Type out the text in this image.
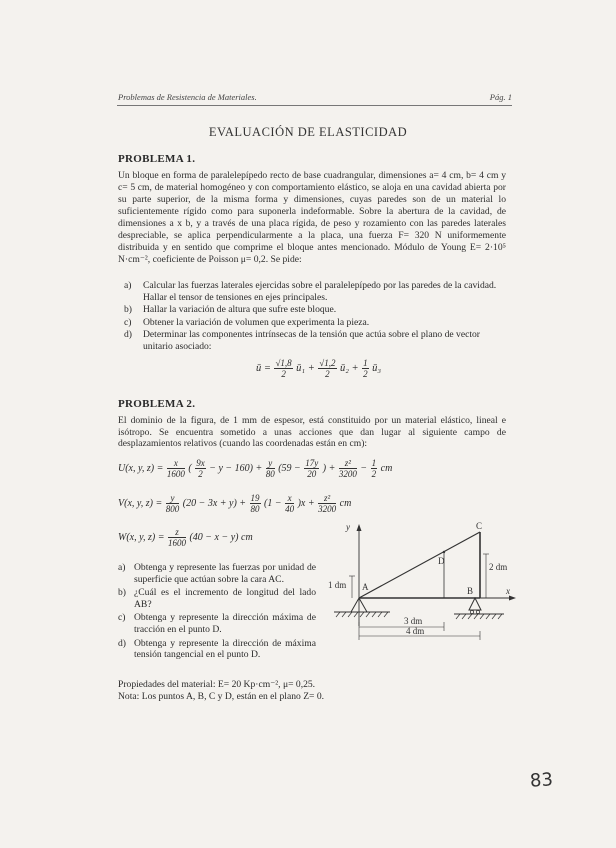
Problemas de Resistencia de Materiales.	Pág. 1
EVALUACIÓN DE ELASTICIDAD
PROBLEMA 1.
Un bloque en forma de paralelepípedo recto de base cuadrangular, dimensiones a= 4 cm, b= 4 cm y c= 5 cm, de material homogéneo y con comportamiento elástico, se aloja en una cavidad abierta por su parte superior, de la misma forma y dimensiones, cuyas paredes son de un material lo suficientemente rígido como para suponerla indeformable. Sobre la abertura de la cavidad, de dimensiones a x b, y a través de una placa rígida, de peso y rozamiento con las paredes laterales despreciable, se aplica perpendicularmente a la placa, una fuerza F= 320 N uniformemente distribuida y en sentido que comprime el bloque antes mencionado. Módulo de Young E= 2·10⁵ N·cm⁻², coeficiente de Poisson μ= 0,2. Se pide:
a) Calcular las fuerzas laterales ejercidas sobre el paralelepípedo por las paredes de la cavidad. Hallar el tensor de tensiones en ejes principales.
b) Hallar la variación de altura que sufre este bloque.
c) Obtener la variación de volumen que experimenta la pieza.
d) Determinar las componentes intrínsecas de la tensión que actúa sobre el plano de vector unitario asociado:
ū = $\frac{√1,8}{2}$ ū₁ + $\frac{√1,2}{2}$ ū₂ + $\frac{1}{2}$ ū₃
PROBLEMA 2.
El dominio de la figura, de 1 mm de espesor, está constituido por un material elástico, lineal e isótropo. Se encuentra sometido a unas acciones que dan lugar al siguiente campo de desplazamientos relativos (cuando las coordenadas están en cm):
U(x, y, $z) = \frac{x}{1600}$ ( $\frac{9x}{2} - y - 160) + \frac{y}{80} (59 - \frac{17y}{20}$ ) + $\frac{\text{z²}}{3200} - \frac{1}{2}$ cm
V(x, y, $z) = \frac{y}{800} (20 - 3x + y) + \frac{19}{80} (1 - \frac{x}{40} )x + \frac{\text{z²}}{3200}$ cm
W(x, y, $z) = \frac{z}{1600} (40 - x - y)$ cm
a) Obtenga y represente las fuerzas por unidad de superficie que actúan sobre la cara AC.
b) ¿Cuál es el incremento de longitud del lado AB?
c) Obtenga y represente la dirección máxima de tracción en el punto D.
d) Obtenga y represente la dirección de máxima tensión tangencial en el punto D.
Propiedades del material: E= 20 Kp·cm⁻², μ= 0,25.
Nota: Los puntos A, B, C y D, están en el plano Z= 0.
y
x
D
A	B
C
1 dm
2 dm
3 dm
4 dm
83
